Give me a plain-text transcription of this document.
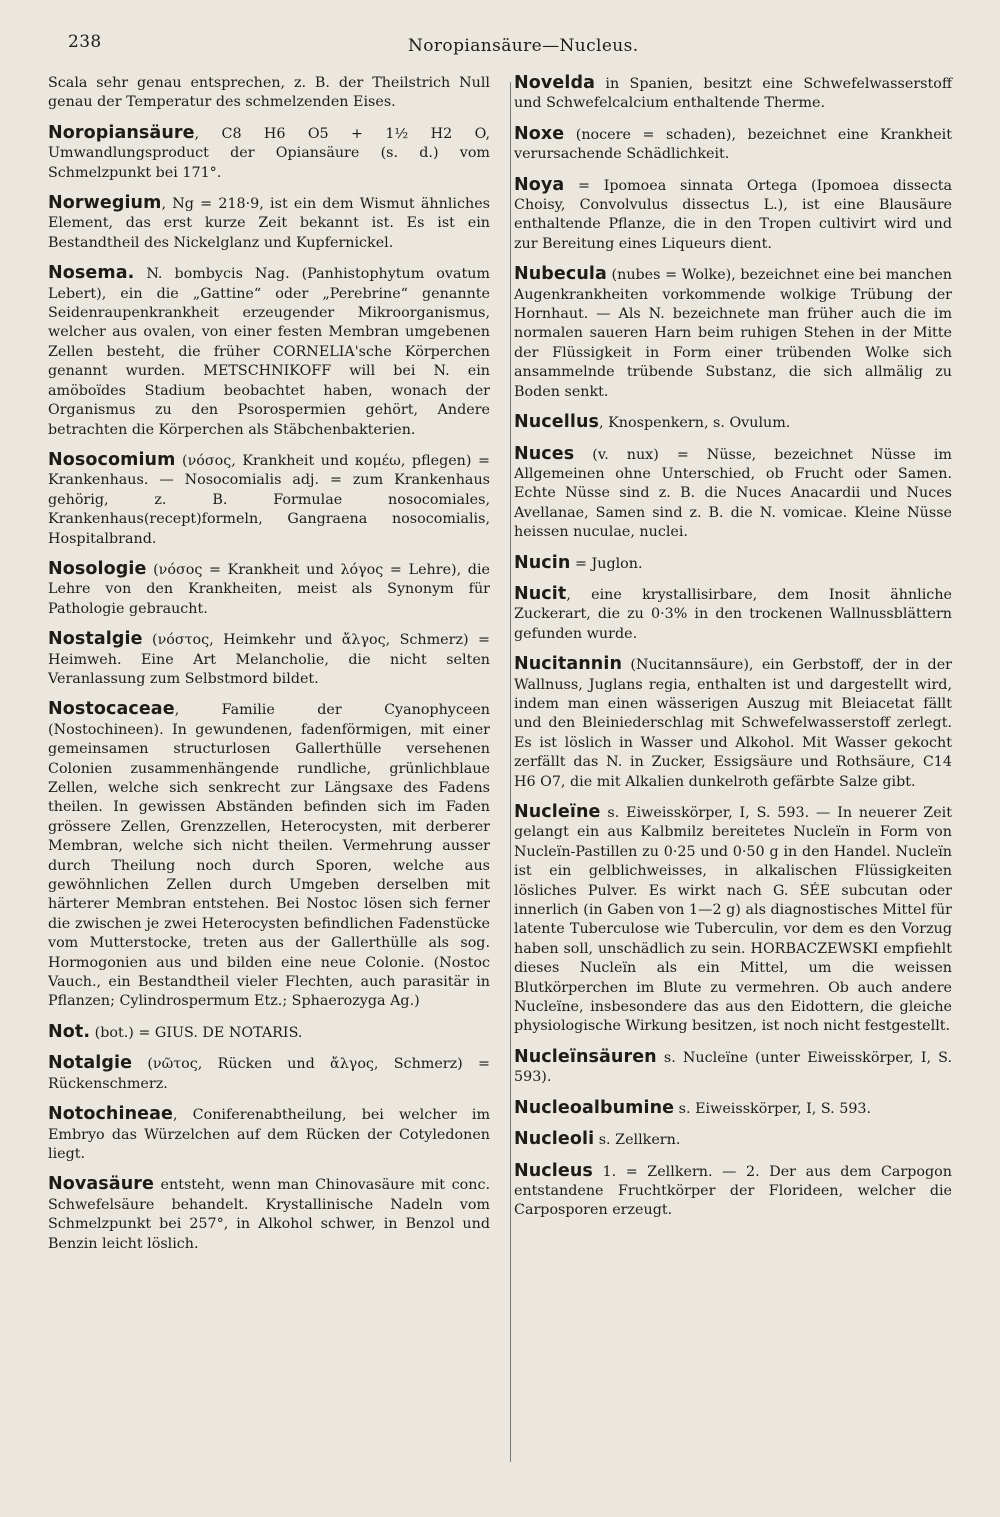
238	Noropiansäure—Nucleus.

Scala sehr genau entsprechen, z. B. der Theilstrich Null genau der Temperatur des schmelzenden Eises.

Noropiansäure, C8 H6 O5 + 1½ H2 O, Umwandlungsproduct der Opiansäure (s. d.) vom Schmelzpunkt bei 171°.

Norwegium, Ng = 218·9, ist ein dem Wismut ähnliches Element, das erst kurze Zeit bekannt ist. Es ist ein Bestandtheil des Nickelglanz und Kupfernickel.

Nosema. N. bombycis Nag. (Panhistophytum ovatum Lebert), ein die „Gattine“ oder „Perebrine“ genannte Seidenraupenkrankheit erzeugender Mikroorganismus, welcher aus ovalen, von einer festen Membran umgebenen Zellen besteht, die früher CORNELIA'sche Körperchen genannt wurden. METSCHNIKOFF will bei N. ein amöboïdes Stadium beobachtet haben, wonach der Organismus zu den Psorospermien gehört, Andere betrachten die Körperchen als Stäbchenbakterien.

Nosocomium (νόσος, Krankheit und κομέω, pflegen) = Krankenhaus. — Nosocomialis adj. = zum Krankenhaus gehörig, z. B. Formulae nosocomiales, Krankenhaus(recept)formeln, Gangraena nosocomialis, Hospitalbrand.

Nosologie (νόσος = Krankheit und λόγος = Lehre), die Lehre von den Krankheiten, meist als Synonym für Pathologie gebraucht.

Nostalgie (νόστος, Heimkehr und ἄλγος, Schmerz) = Heimweh. Eine Art Melancholie, die nicht selten Veranlassung zum Selbstmord bildet.

Nostocaceae, Familie der Cyanophyceen (Nostochineen). In gewundenen, fadenförmigen, mit einer gemeinsamen structurlosen Gallerthülle versehenen Colonien zusammenhängende rundliche, grünlichblaue Zellen, welche sich senkrecht zur Längsaxe des Fadens theilen. In gewissen Abständen befinden sich im Faden grössere Zellen, Grenzzellen, Heterocysten, mit derberer Membran, welche sich nicht theilen. Vermehrung ausser durch Theilung noch durch Sporen, welche aus gewöhnlichen Zellen durch Umgeben derselben mit härterer Membran entstehen. Bei Nostoc lösen sich ferner die zwischen je zwei Heterocysten befindlichen Fadenstücke vom Mutterstocke, treten aus der Gallerthülle als sog. Hormogonien aus und bilden eine neue Colonie. (Nostoc Vauch., ein Bestandtheil vieler Flechten, auch parasitär in Pflanzen; Cylindrospermum Etz.; Sphaerozyga Ag.)

Not. (bot.) = GIUS. DE NOTARIS.

Notalgie (νῶτος, Rücken und ἄλγος, Schmerz) = Rückenschmerz.

Notochineae, Coniferenabtheilung, bei welcher im Embryo das Würzelchen auf dem Rücken der Cotyledonen liegt.

Novasäure entsteht, wenn man Chinovasäure mit conc. Schwefelsäure behandelt. Krystallinische Nadeln vom Schmelzpunkt bei 257°, in Alkohol schwer, in Benzol und Benzin leicht löslich.

Novelda in Spanien, besitzt eine Schwefelwasserstoff und Schwefelcalcium enthaltende Therme.

Noxe (nocere = schaden), bezeichnet eine Krankheit verursachende Schädlichkeit.

Noya = Ipomoea sinnata Ortega (Ipomoea dissecta Choisy, Convolvulus dissectus L.), ist eine Blausäure enthaltende Pflanze, die in den Tropen cultivirt wird und zur Bereitung eines Liqueurs dient.

Nubecula (nubes = Wolke), bezeichnet eine bei manchen Augenkrankheiten vorkommende wolkige Trübung der Hornhaut. — Als N. bezeichnete man früher auch die im normalen saueren Harn beim ruhigen Stehen in der Mitte der Flüssigkeit in Form einer trübenden Wolke sich ansammelnde trübende Substanz, die sich allmälig zu Boden senkt.

Nucellus, Knospenkern, s. Ovulum.

Nuces (v. nux) = Nüsse, bezeichnet Nüsse im Allgemeinen ohne Unterschied, ob Frucht oder Samen. Echte Nüsse sind z. B. die Nuces Anacardii und Nuces Avellanae, Samen sind z. B. die N. vomicae. Kleine Nüsse heissen nuculae, nuclei.

Nucin = Juglon.

Nucit, eine krystallisirbare, dem Inosit ähnliche Zuckerart, die zu 0·3% in den trockenen Wallnussblättern gefunden wurde.

Nucitannin (Nucitannsäure), ein Gerbstoff, der in der Wallnuss, Juglans regia, enthalten ist und dargestellt wird, indem man einen wässerigen Auszug mit Bleiacetat fällt und den Bleiniederschlag mit Schwefelwasserstoff zerlegt. Es ist löslich in Wasser und Alkohol. Mit Wasser gekocht zerfällt das N. in Zucker, Essigsäure und Rothsäure, C14 H6 O7, die mit Alkalien dunkelroth gefärbte Salze gibt.

Nucleïne s. Eiweisskörper, I, S. 593. — In neuerer Zeit gelangt ein aus Kalbmilz bereitetes Nucleïn in Form von Nucleïn-Pastillen zu 0·25 und 0·50 g in den Handel. Nucleïn ist ein gelblichweisses, in alkalischen Flüssigkeiten lösliches Pulver. Es wirkt nach G. SÉE subcutan oder innerlich (in Gaben von 1—2 g) als diagnostisches Mittel für latente Tuberculose wie Tuberculin, vor dem es den Vorzug haben soll, unschädlich zu sein. HORBACZEWSKI empfiehlt dieses Nucleïn als ein Mittel, um die weissen Blutkörperchen im Blute zu vermehren. Ob auch andere Nucleïne, insbesondere das aus den Eidottern, die gleiche physiologische Wirkung besitzen, ist noch nicht festgestellt.

Nucleïnsäuren s. Nucleïne (unter Eiweisskörper, I, S. 593).

Nucleoalbumine s. Eiweisskörper, I, S. 593.

Nucleoli s. Zellkern.

Nucleus 1. = Zellkern. — 2. Der aus dem Carpogon entstandene Fruchtkörper der Florideen, welcher die Carposporen erzeugt.
